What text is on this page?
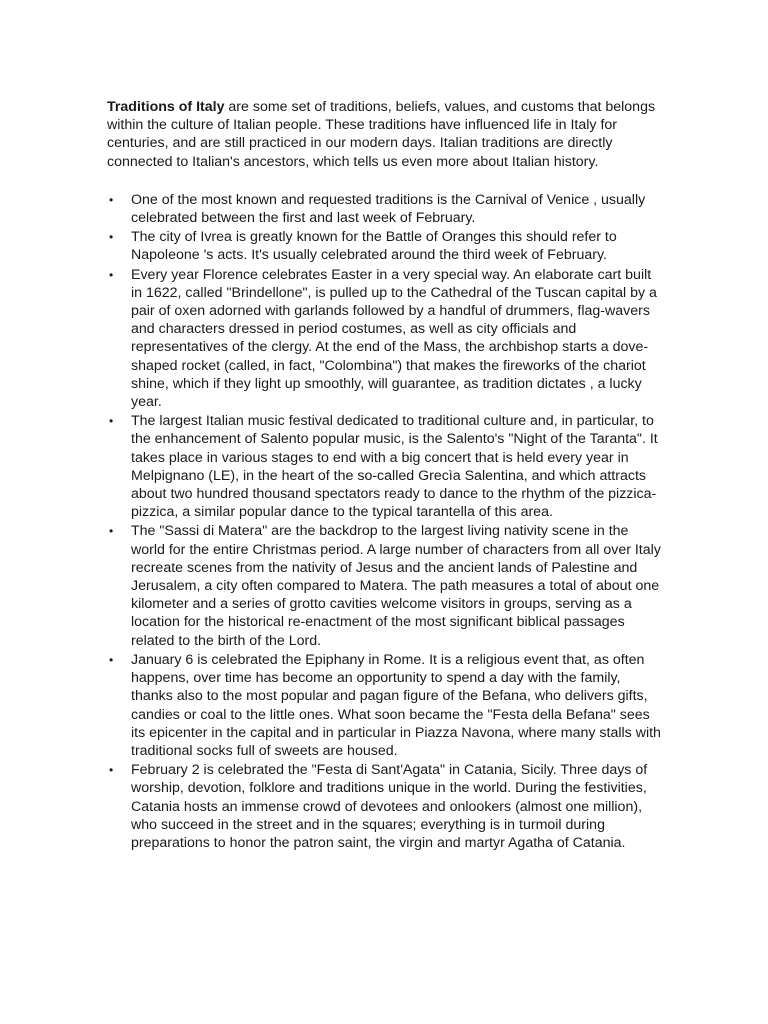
Traditions of Italy are some set of traditions, beliefs, values, and customs that belongs within the culture of Italian people. These traditions have influenced life in Italy for centuries, and are still practiced in our modern days. Italian traditions are directly connected to Italian's ancestors, which tells us even more about Italian history.

• One of the most known and requested traditions is the Carnival of Venice , usually celebrated between the first and last week of February.
• The city of Ivrea is greatly known for the Battle of Oranges this should refer to Napoleone 's acts. It's usually celebrated around the third week of February.
• Every year Florence celebrates Easter in a very special way. An elaborate cart built in 1622, called "Brindellone", is pulled up to the Cathedral of the Tuscan capital by a pair of oxen adorned with garlands followed by a handful of drummers, flag-wavers and characters dressed in period costumes, as well as city officials and representatives of the clergy. At the end of the Mass, the archbishop starts a dove-shaped rocket (called, in fact, "Colombina") that makes the fireworks of the chariot shine, which if they light up smoothly, will guarantee, as tradition dictates , a lucky year.
• The largest Italian music festival dedicated to traditional culture and, in particular, to the enhancement of Salento popular music, is the Salento's "Night of the Taranta". It takes place in various stages to end with a big concert that is held every year in Melpignano (LE), in the heart of the so-called Grecìa Salentina, and which attracts about two hundred thousand spectators ready to dance to the rhythm of the pizzica-pizzica, a similar popular dance to the typical tarantella of this area.
• The "Sassi di Matera" are the backdrop to the largest living nativity scene in the world for the entire Christmas period. A large number of characters from all over Italy recreate scenes from the nativity of Jesus and the ancient lands of Palestine and Jerusalem, a city often compared to Matera. The path measures a total of about one kilometer and a series of grotto cavities welcome visitors in groups, serving as a location for the historical re-enactment of the most significant biblical passages related to the birth of the Lord.
• January 6 is celebrated the Epiphany in Rome. It is a religious event that, as often happens, over time has become an opportunity to spend a day with the family, thanks also to the most popular and pagan figure of the Befana, who delivers gifts, candies or coal to the little ones. What soon became the "Festa della Befana" sees its epicenter in the capital and in particular in Piazza Navona, where many stalls with traditional socks full of sweets are housed.
• February 2 is celebrated the "Festa di Sant'Agata" in Catania, Sicily. Three days of worship, devotion, folklore and traditions unique in the world. During the festivities, Catania hosts an immense crowd of devotees and onlookers (almost one million), who succeed in the street and in the squares; everything is in turmoil during preparations to honor the patron saint, the virgin and martyr Agatha of Catania.
